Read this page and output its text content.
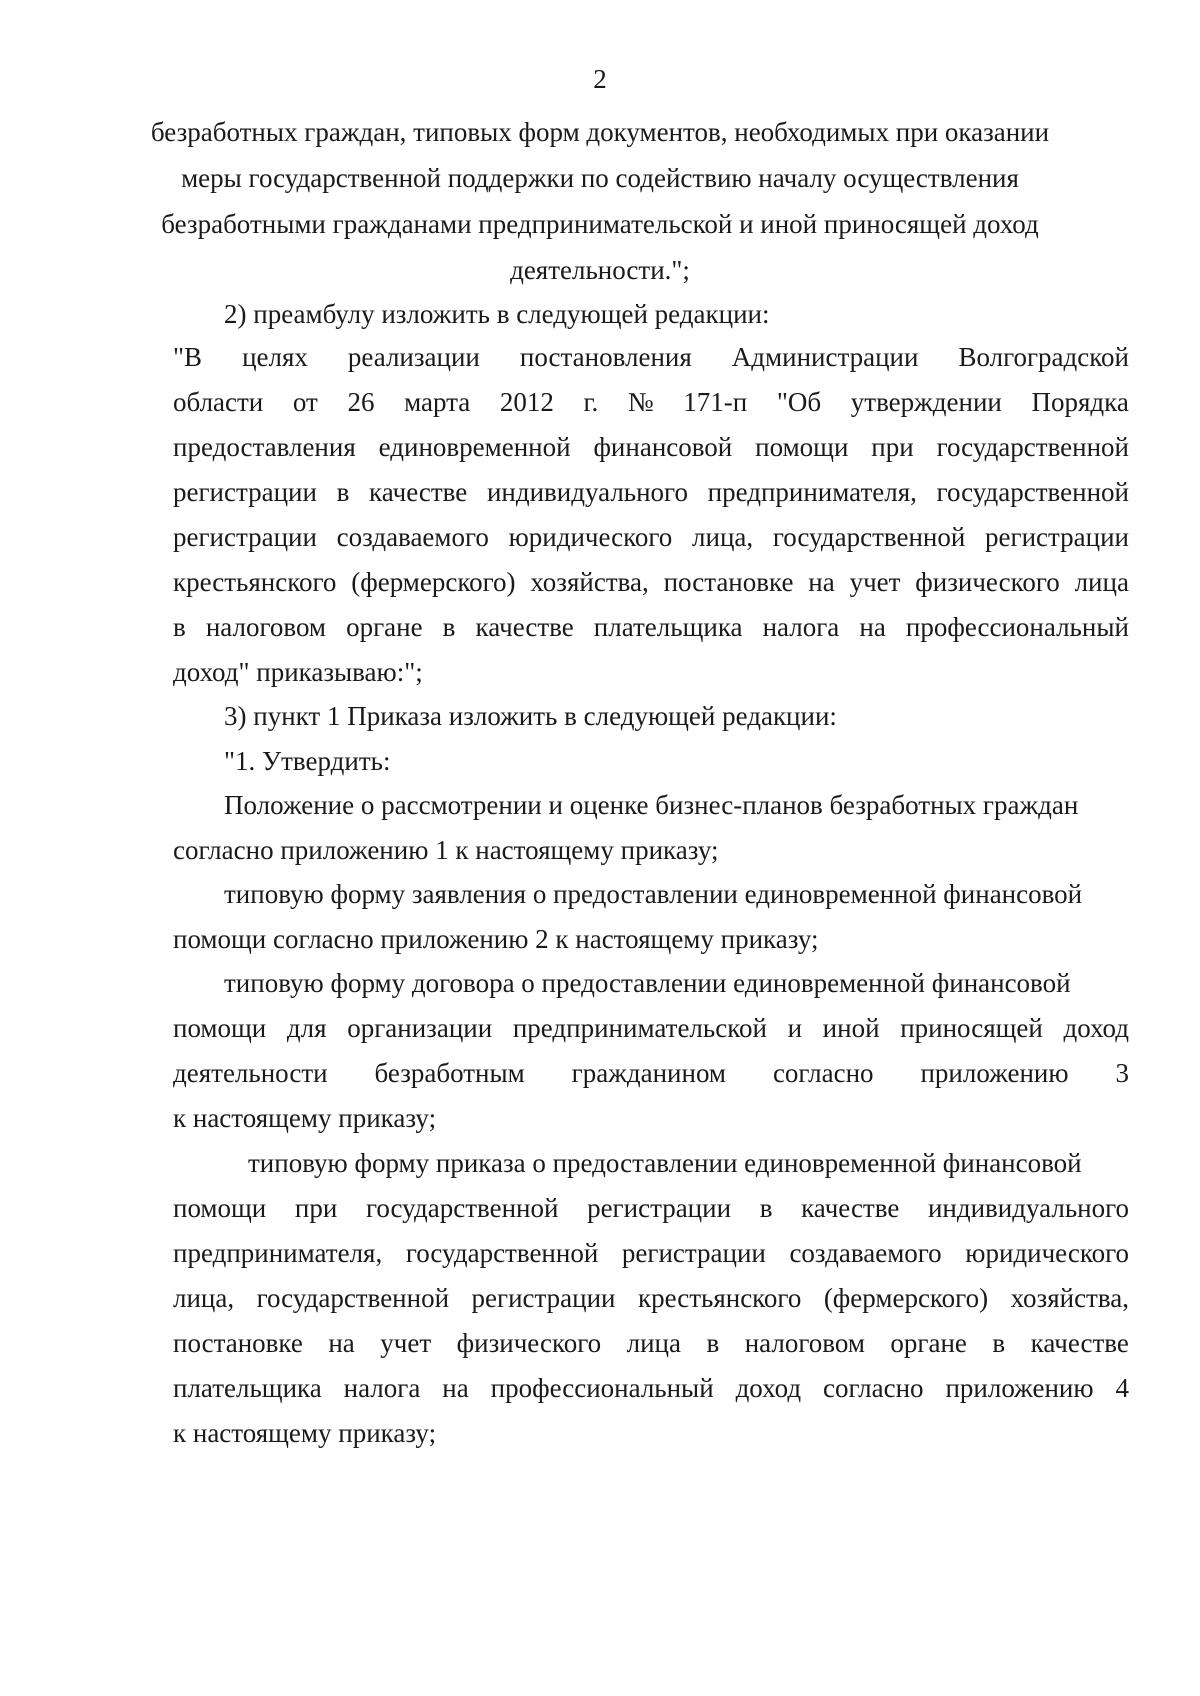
2
безработных граждан, типовых форм документов, необходимых при оказании
меры государственной поддержки по содействию началу осуществления
безработными гражданами предпринимательской и иной приносящей доход
деятельности.";
2) преамбулу изложить в следующей редакции:
"В целях реализации постановления Администрации Волгоградской
области от 26 марта 2012 г. № 171-п "Об утверждении Порядка
предоставления единовременной финансовой помощи при государственной
регистрации в качестве индивидуального предпринимателя, государственной
регистрации создаваемого юридического лица, государственной регистрации
крестьянского (фермерского) хозяйства, постановке на учет физического лица
в налоговом органе в качестве плательщика налога на профессиональный
доход" приказываю:";
3) пункт 1 Приказа изложить в следующей редакции:
"1. Утвердить:
Положение о рассмотрении и оценке бизнес-планов безработных граждан
согласно приложению 1 к настоящему приказу;
типовую форму заявления о предоставлении единовременной финансовой
помощи согласно приложению 2 к настоящему приказу;
типовую форму договора о предоставлении единовременной финансовой
помощи для организации предпринимательской и иной приносящей доход
деятельности безработным гражданином согласно приложению 3
к настоящему приказу;
типовую форму приказа о предоставлении единовременной финансовой
помощи при государственной регистрации в качестве индивидуального
предпринимателя, государственной регистрации создаваемого юридического
лица, государственной регистрации крестьянского (фермерского) хозяйства,
постановке на учет физического лица в налоговом органе в качестве
плательщика налога на профессиональный доход согласно приложению 4
к настоящему приказу;
